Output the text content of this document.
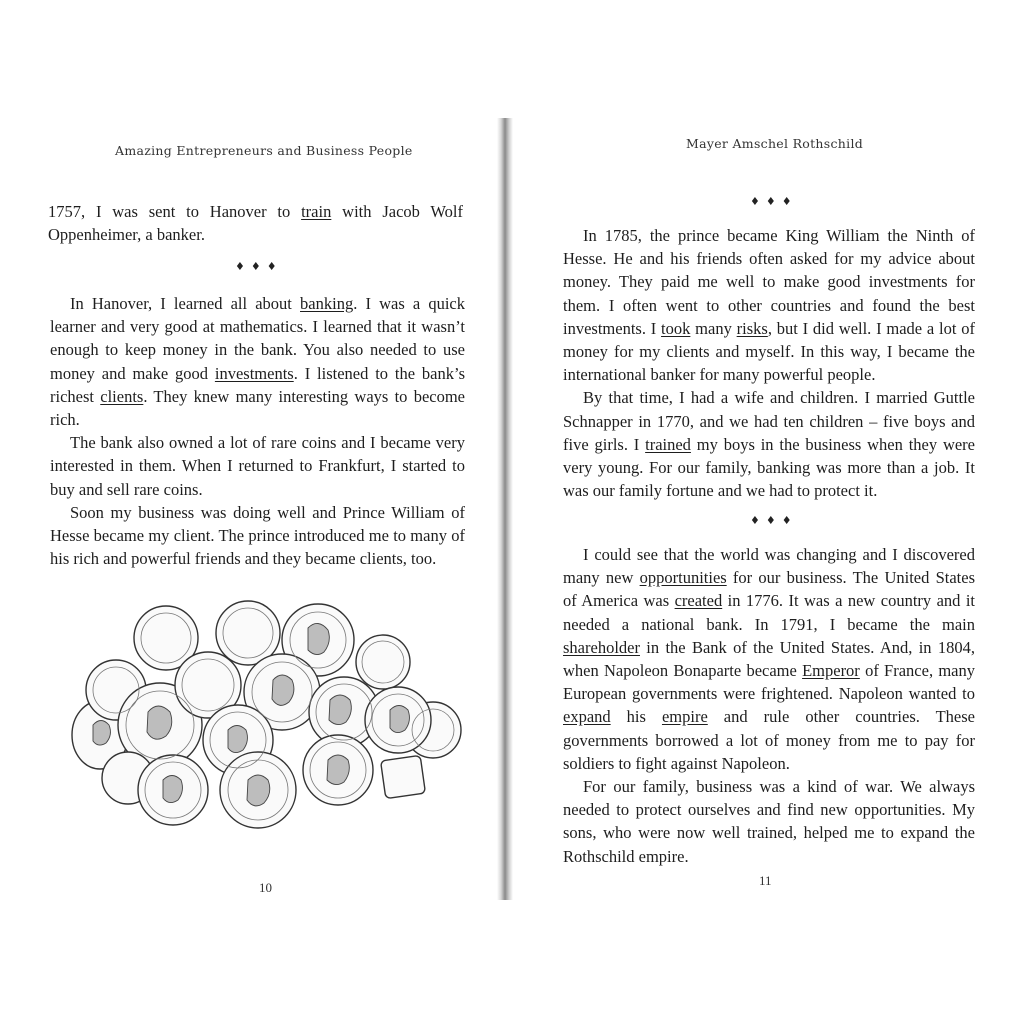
Amazing Entrepreneurs and Business People

1757, I was sent to Hanover to train with Jacob Wolf Oppenheimer, a banker.

♦♦♦

In Hanover, I learned all about banking. I was a quick learner and very good at mathematics. I learned that it wasn’t enough to keep money in the bank. You also needed to use money and make good investments. I listened to the bank’s richest clients. They knew many interesting ways to become rich.

The bank also owned a lot of rare coins and I became very interested in them. When I returned to Frankfurt, I started to buy and sell rare coins.

Soon my business was doing well and Prince William of Hesse became my client. The prince introduced me to many of his rich and powerful friends and they became clients, too.

10
Mayer Amschel Rothschild
♦♦♦

In 1785, the prince became King William the Ninth of Hesse. He and his friends often asked for my advice about money. They paid me well to make good investments for them. I often went to other countries and found the best investments. I took many risks, but I did well. I made a lot of money for my clients and myself. In this way, I became the international banker for many powerful people.

By that time, I had a wife and children. I married Guttle Schnapper in 1770, and we had ten children – five boys and five girls. I trained my boys in the business when they were very young. For our family, banking was more than a job. It was our family fortune and we had to protect it.

♦♦♦

I could see that the world was changing and I discovered many new opportunities for our business. The United States of America was created in 1776. It was a new country and it needed a national bank. In 1791, I became the main shareholder in the Bank of the United States. And, in 1804, when Napoleon Bonaparte became Emperor of France, many European governments were frightened. Napoleon wanted to expand his empire and rule other countries. These governments borrowed a lot of money from me to pay for soldiers to fight against Napoleon.

For our family, business was a kind of war. We always needed to protect ourselves and find new opportunities. My sons, who were now well trained, helped me to expand the Rothschild empire.

11
